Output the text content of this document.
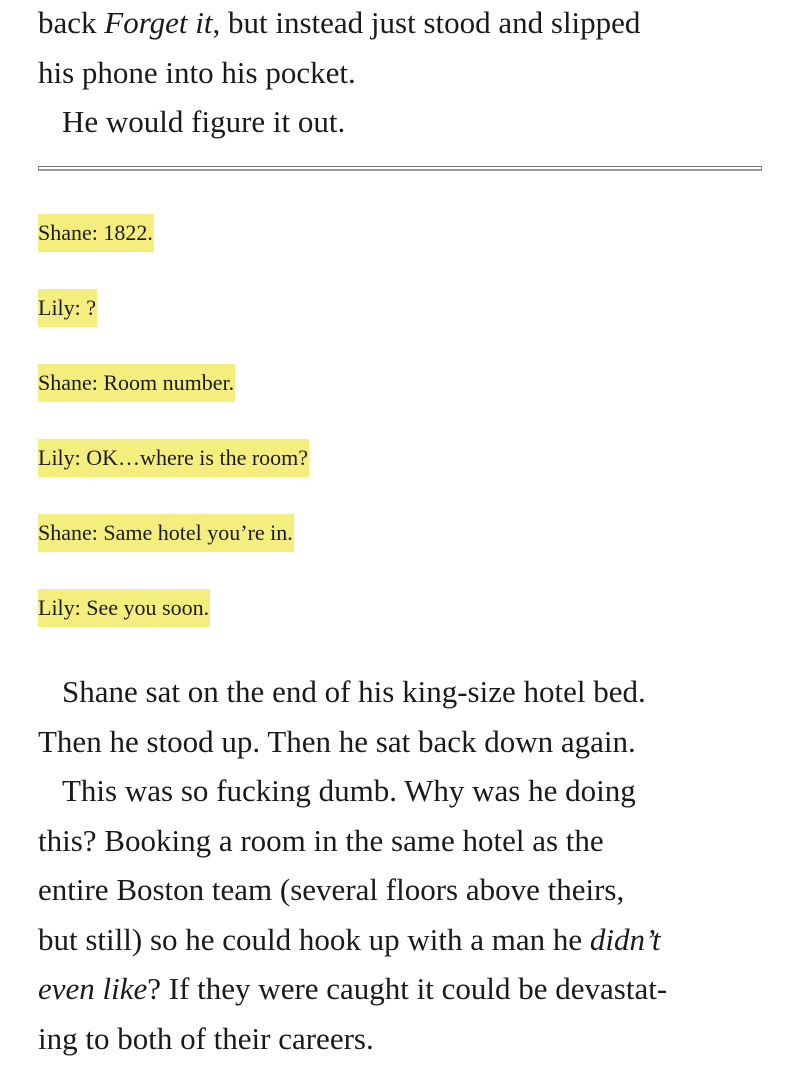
back Forget it, but instead just stood and slipped

his phone into his pocket.

He would figure it out.

Shane: 1822.
Lily: ?
Shane: Room number.
Lily: OK…where is the room?
Shane: Same hotel you’re in.
Lily: See you soon.

Shane sat on the end of his king-size hotel bed.

Then he stood up. Then he sat back down again.

This was so fucking dumb. Why was he doing

this? Booking a room in the same hotel as the

entire Boston team (several floors above theirs,

but still) so he could hook up with a man he didn’t

even like? If they were caught it could be devastat-

ing to both of their careers.
